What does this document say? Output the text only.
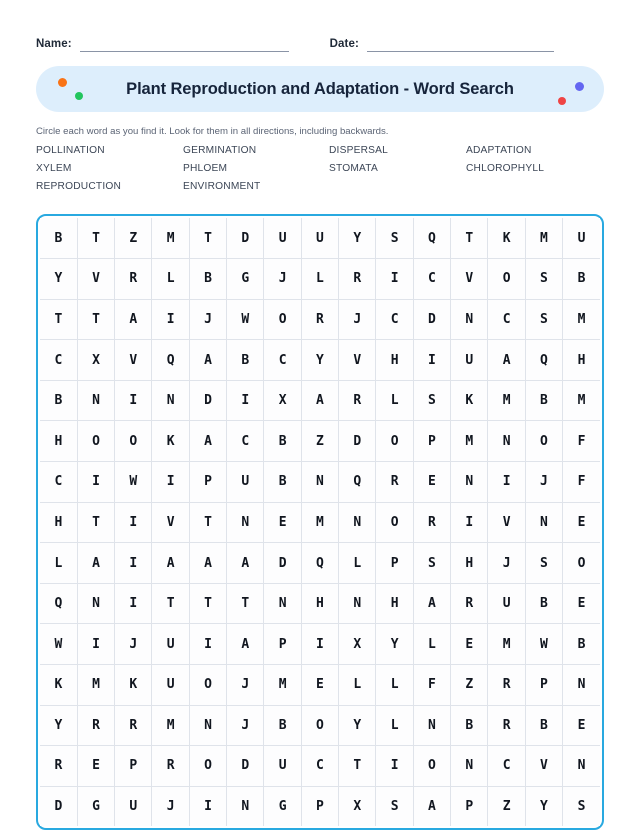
Name:	Date:
Plant Reproduction and Adaptation - Word Search

Circle each word as you find it. Look for them in all directions, including backwards.

POLLINATION	GERMINATION	DISPERSAL	ADAPTATION
XYLEM	PHLOEM	STOMATA	CHLOROPHYLL
REPRODUCTION	ENVIRONMENT
B	T	Z	M	T	D	U	U	Y	S	Q	T	K	M	U
Y	V	R	L	B	G	J	L	R	I	C	V	O	S	B
T	T	A	I	J	W	O	R	J	C	D	N	C	S	M
C	X	V	Q	A	B	C	Y	V	H	I	U	A	Q	H
B	N	I	N	D	I	X	A	R	L	S	K	M	B	M
H	O	O	K	A	C	B	Z	D	O	P	M	N	O	F
C	I	W	I	P	U	B	N	Q	R	E	N	I	J	F
H	T	I	V	T	N	E	M	N	O	R	I	V	N	E
L	A	I	A	A	A	D	Q	L	P	S	H	J	S	O
Q	N	I	T	T	T	N	H	N	H	A	R	U	B	E
W	I	J	U	I	A	P	I	X	Y	L	E	M	W	B
K	M	K	U	O	J	M	E	L	L	F	Z	R	P	N
Y	R	R	M	N	J	B	O	Y	L	N	B	R	B	E
R	E	P	R	O	D	U	C	T	I	O	N	C	V	N
D	G	U	J	I	N	G	P	X	S	A	P	Z	Y	S
